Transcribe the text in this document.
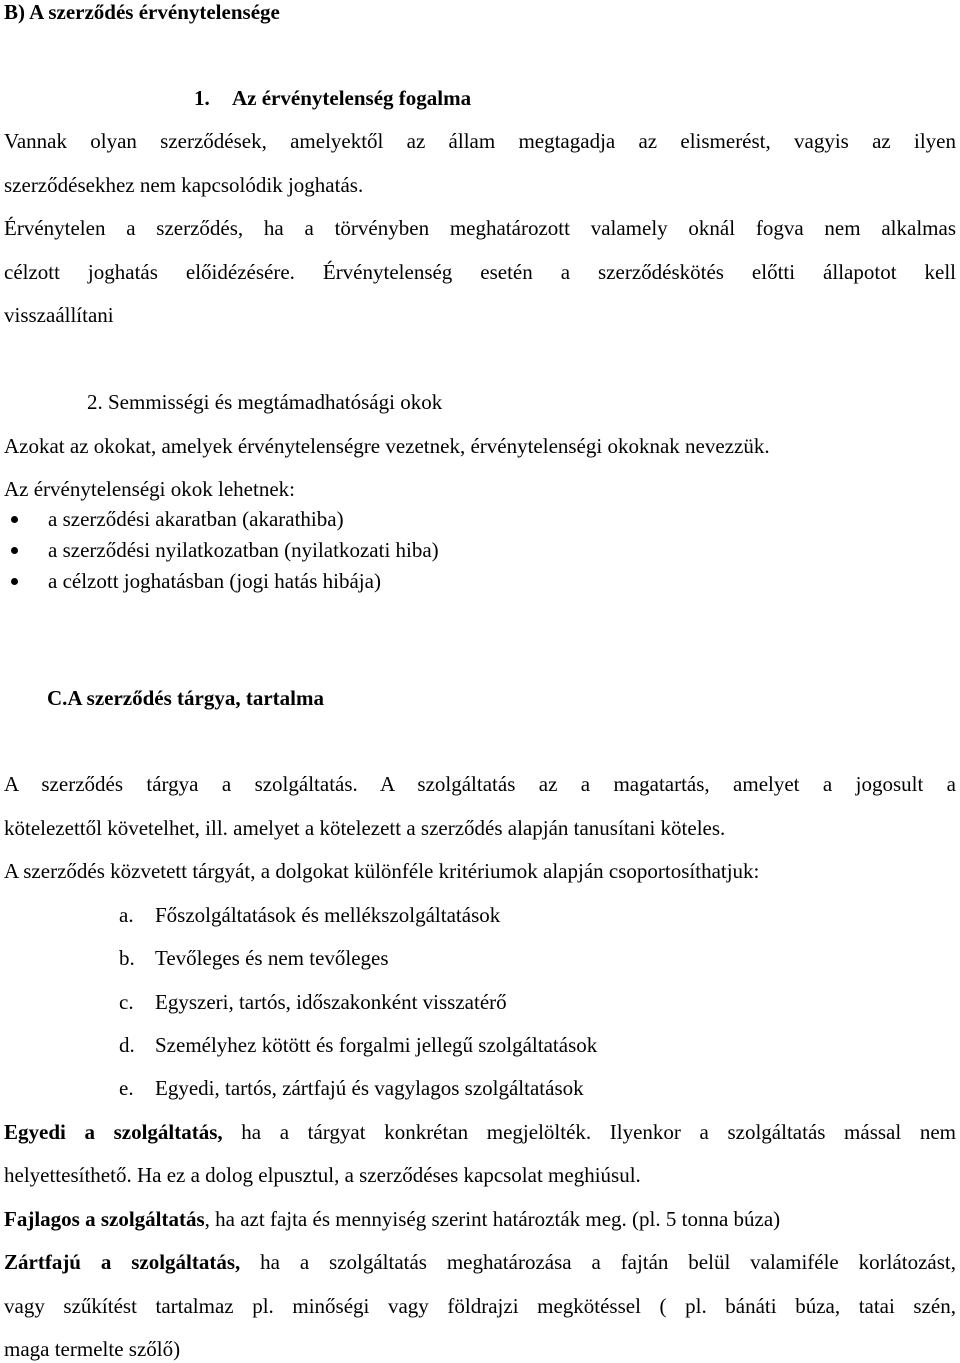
B) A szerződés érvénytelensége
1. Az érvénytelenség fogalma
Vannak olyan szerződések, amelyektől az állam megtagadja az elismerést, vagyis az ilyen
szerződésekhez nem kapcsolódik joghatás.
Érvénytelen a szerződés, ha a törvényben meghatározott valamely oknál fogva nem alkalmas
célzott joghatás előidézésére. Érvénytelenség esetén a szerződéskötés előtti állapotot kell
visszaállítani
2. Semmisségi és megtámadhatósági okok
Azokat az okokat, amelyek érvénytelenségre vezetnek, érvénytelenségi okoknak nevezzük.
Az érvénytelenségi okok lehetnek:
a szerződési akaratban (akarathiba)
a szerződési nyilatkozatban (nyilatkozati hiba)
a célzott joghatásban (jogi hatás hibája)
C.A szerződés tárgya, tartalma
A szerződés tárgya a szolgáltatás. A szolgáltatás az a magatartás, amelyet a jogosult a
kötelezettől követelhet, ill. amelyet a kötelezett a szerződés alapján tanusítani köteles.
A szerződés közvetett tárgyát, a dolgokat különféle kritériumok alapján csoportosíthatjuk:
a. Főszolgáltatások és mellékszolgáltatások
b. Tevőleges és nem tevőleges
c. Egyszeri, tartós, időszakonként visszatérő
d. Személyhez kötött és forgalmi jellegű szolgáltatások
e. Egyedi, tartós, zártfajú és vagylagos szolgáltatások
Egyedi a szolgáltatás, ha a tárgyat konkrétan megjelölték. Ilyenkor a szolgáltatás mással nem
helyettesíthető. Ha ez a dolog elpusztul, a szerződéses kapcsolat meghiúsul.
Fajlagos a szolgáltatás, ha azt fajta és mennyiség szerint határozták meg. (pl. 5 tonna búza)
Zártfajú a szolgáltatás, ha a szolgáltatás meghatározása a fajtán belül valamiféle korlátozást,
vagy szűkítést tartalmaz pl. minőségi vagy földrajzi megkötéssel ( pl. bánáti búza, tatai szén,
maga termelte szőlő)
